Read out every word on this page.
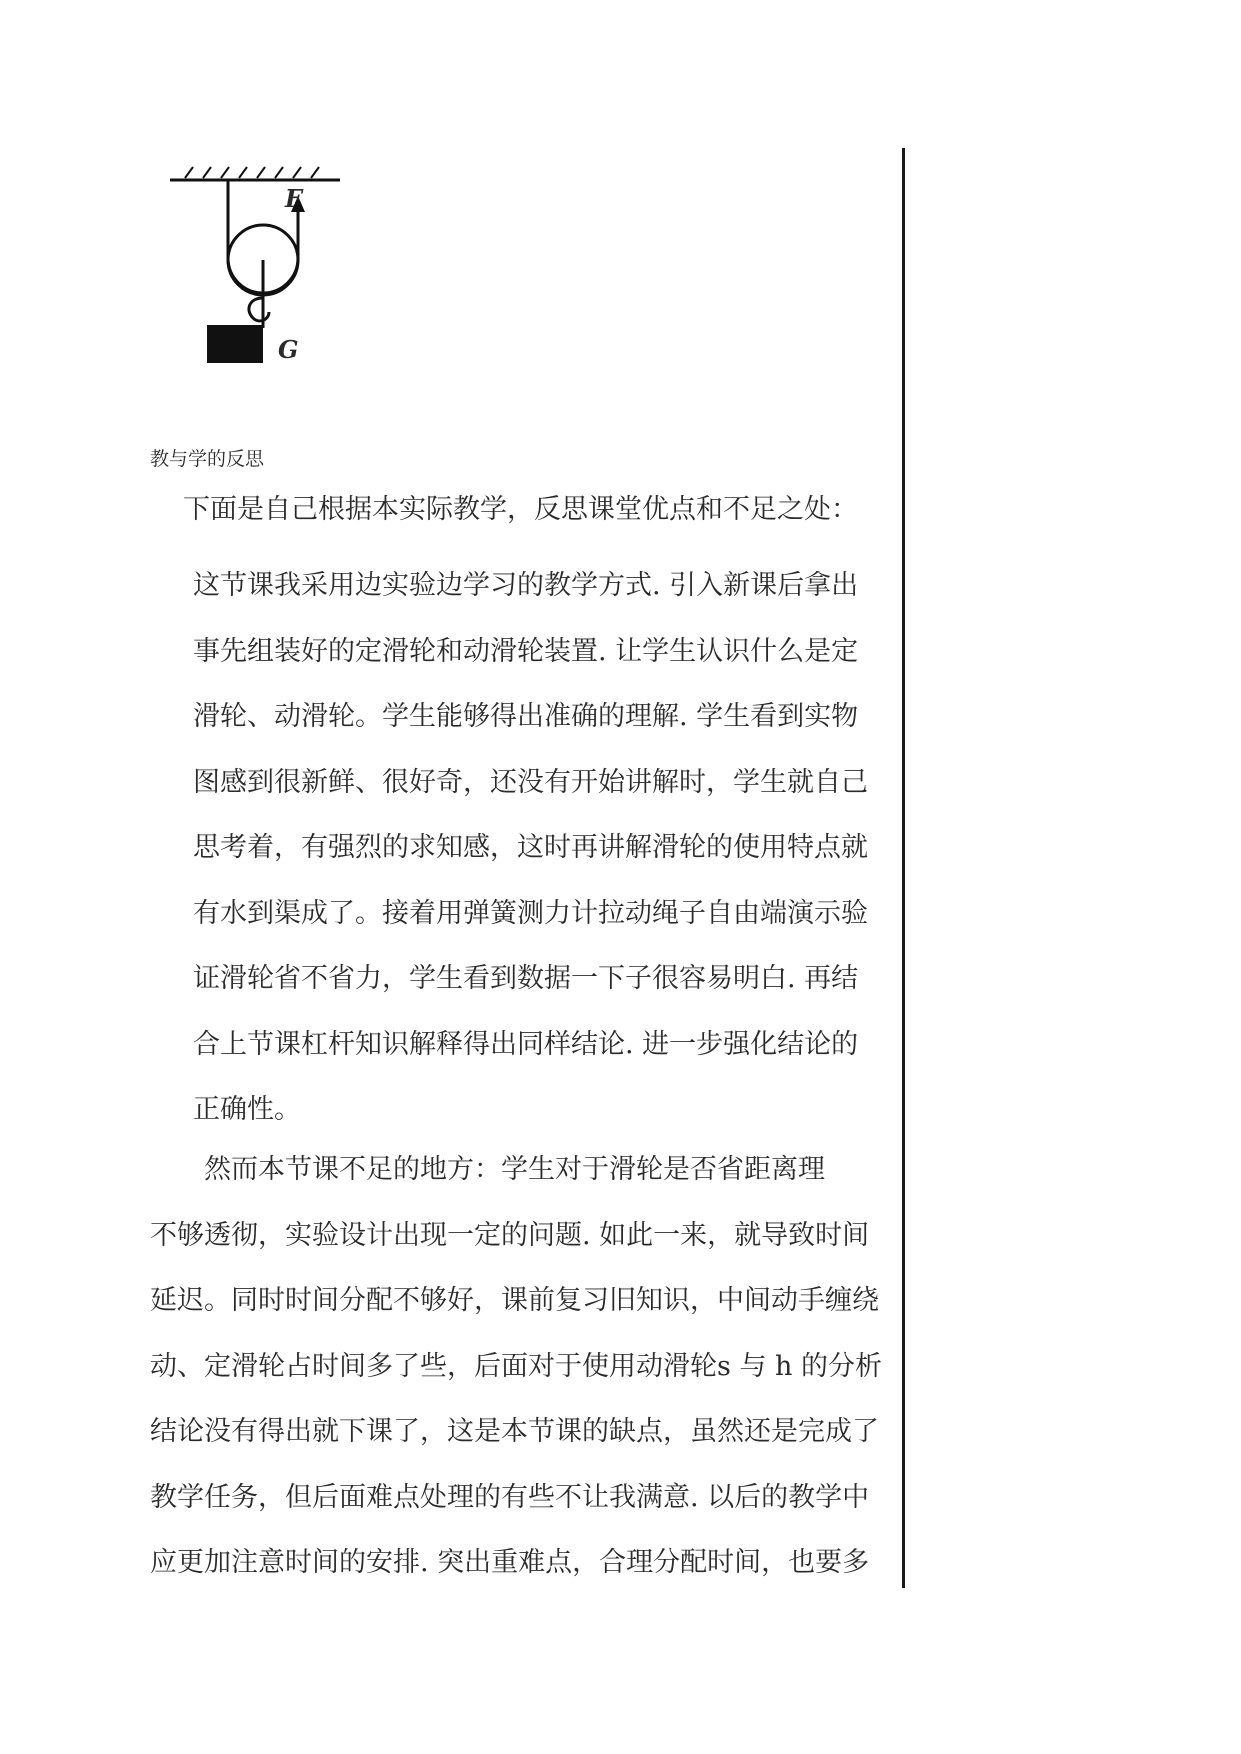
F
G
教与学的反思
下面是自己根据本实际教学，反思课堂优点和不足之处：
这节课我采用边实验边学习的教学方式. 引入新课后拿出
事先组装好的定滑轮和动滑轮装置. 让学生认识什么是定
滑轮、动滑轮。学生能够得出准确的理解. 学生看到实物
图感到很新鲜、很好奇，还没有开始讲解时，学生就自己
思考着，有强烈的求知感，这时再讲解滑轮的使用特点就
有水到渠成了。接着用弹簧测力计拉动绳子自由端演示验
证滑轮省不省力，学生看到数据一下子很容易明白. 再结
合上节课杠杆知识解释得出同样结论. 进一步强化结论的
正确性。
　　然而本节课不足的地方：学生对于滑轮是否省距离理
不够透彻，实验设计出现一定的问题. 如此一来，就导致时间
延迟。同时时间分配不够好，课前复习旧知识，中间动手缠绕
动、定滑轮占时间多了些，后面对于使用动滑轮s 与 h 的分析
结论没有得出就下课了，这是本节课的缺点，虽然还是完成了
教学任务，但后面难点处理的有些不让我满意. 以后的教学中
应更加注意时间的安排. 突出重难点，合理分配时间，也要多
